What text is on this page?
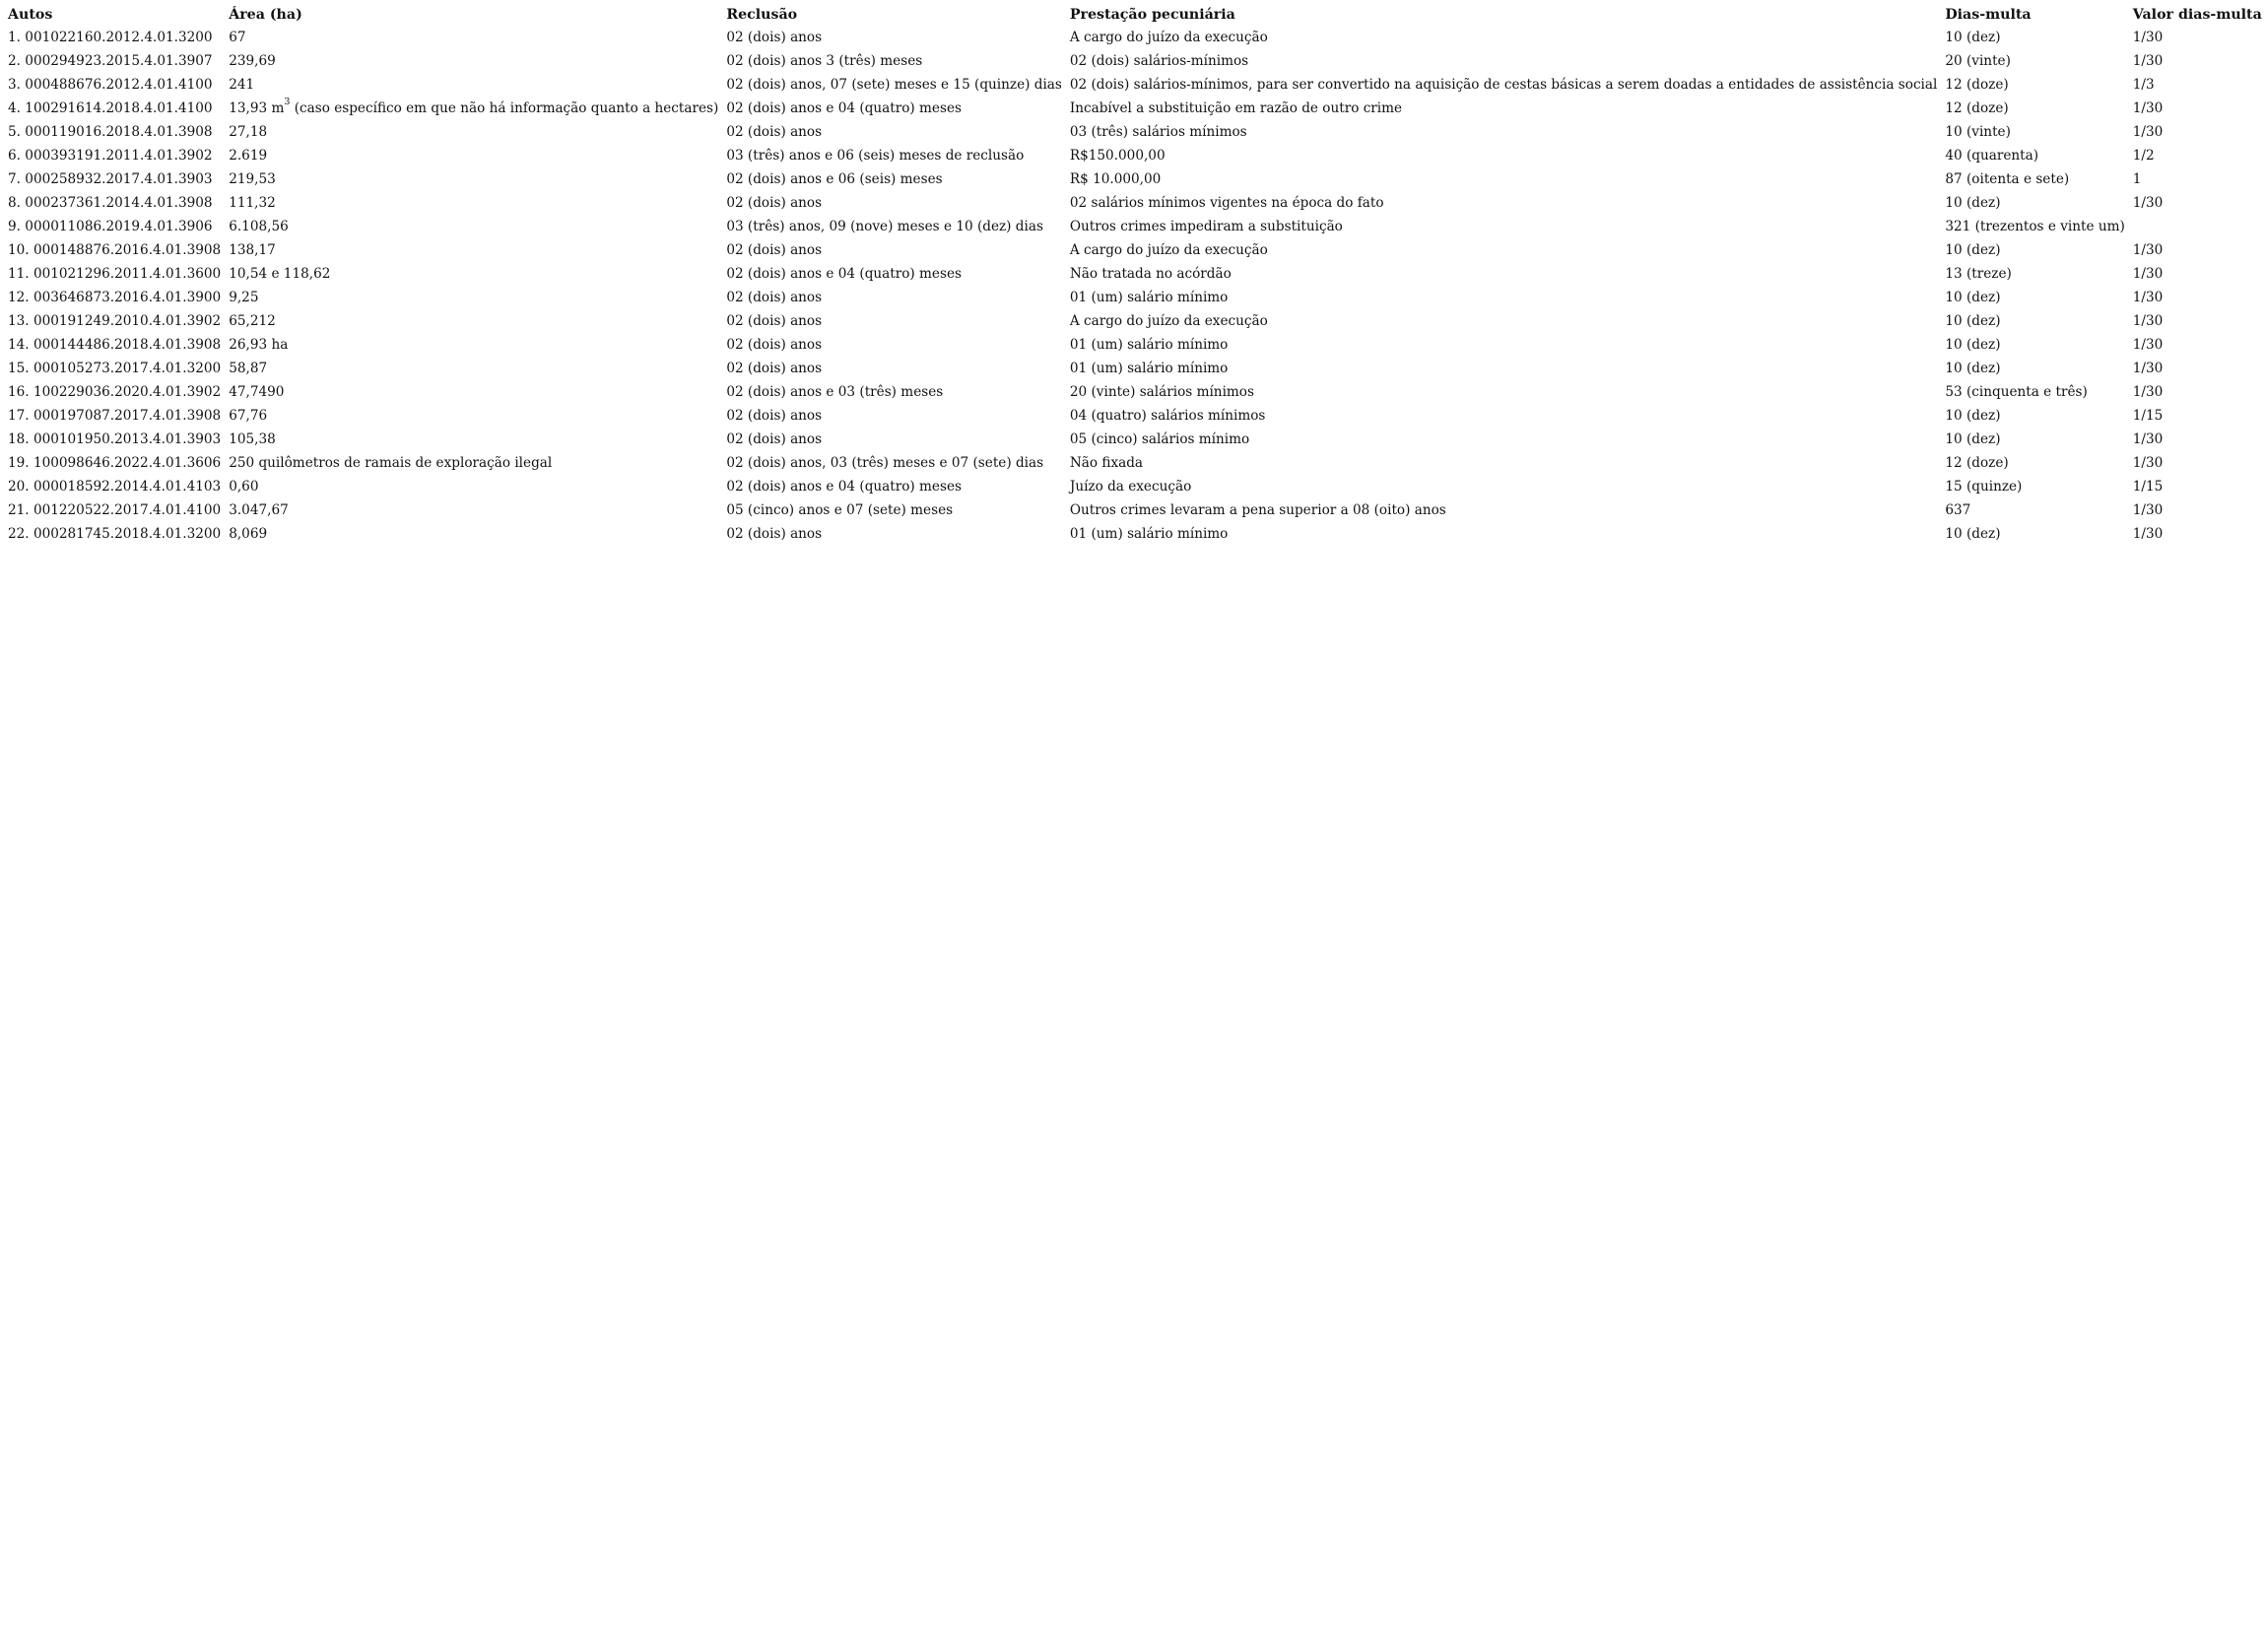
Autos	Área (ha)	Reclusão	Prestação pecuniária	Dias-multa	Valor dias-multa
1. 001022160.2012.4.01.3200	67	02 (dois) anos	A cargo do juízo da execução	10 (dez)	1/30
2. 000294923.2015.4.01.3907	239,69	02 (dois) anos 3 (três) meses	02 (dois) salários-mínimos	20 (vinte)	1/30
3. 000488676.2012.4.01.4100	241	02 (dois) anos, 07 (sete) meses e 15 (quinze) dias	02 (dois) salários-mínimos, para ser convertido na aquisição de cestas básicas a serem doadas a entidades de assistência social	12 (doze)	1/3
4. 100291614.2018.4.01.4100	13,93 $m^3$ (caso específico em que não há informação quanto a hectares)	02 (dois) anos e 04 (quatro) meses	Incabível a substituição em razão de outro crime	12 (doze)	1/30
5. 000119016.2018.4.01.3908	27,18	02 (dois) anos	03 (três) salários mínimos	10 (vinte)	1/30
6. 000393191.2011.4.01.3902	2.619	03 (três) anos e 06 (seis) meses de reclusão	R$150.000,00	40 (quarenta)	1/2
7. 000258932.2017.4.01.3903	219,53	02 (dois) anos e 06 (seis) meses	R$ 10.000,00	87 (oitenta e sete)	1
8. 000237361.2014.4.01.3908	111,32	02 (dois) anos	02 salários mínimos vigentes na época do fato	10 (dez)	1/30
9. 000011086.2019.4.01.3906	6.108,56	03 (três) anos, 09 (nove) meses e 10 (dez) dias	Outros crimes impediram a substituição	321 (trezentos e vinte um)	
10. 000148876.2016.4.01.3908	138,17	02 (dois) anos	A cargo do juízo da execução	10 (dez)	1/30
11. 001021296.2011.4.01.3600	10,54 e 118,62	02 (dois) anos e 04 (quatro) meses	Não tratada no acórdão	13 (treze)	1/30
12. 003646873.2016.4.01.3900	9,25	02 (dois) anos	01 (um) salário mínimo	10 (dez)	1/30
13. 000191249.2010.4.01.3902	65,212	02 (dois) anos	A cargo do juízo da execução	10 (dez)	1/30
14. 000144486.2018.4.01.3908	26,93 ha	02 (dois) anos	01 (um) salário mínimo	10 (dez)	1/30
15. 000105273.2017.4.01.3200	58,87	02 (dois) anos	01 (um) salário mínimo	10 (dez)	1/30
16. 100229036.2020.4.01.3902	47,7490	02 (dois) anos e 03 (três) meses	20 (vinte) salários mínimos	53 (cinquenta e três)	1/30
17. 000197087.2017.4.01.3908	67,76	02 (dois) anos	04 (quatro) salários mínimos	10 (dez)	1/15
18. 000101950.2013.4.01.3903	105,38	02 (dois) anos	05 (cinco) salários mínimo	10 (dez)	1/30
19. 100098646.2022.4.01.3606	250 quilômetros de ramais de exploração ilegal	02 (dois) anos, 03 (três) meses e 07 (sete) dias	Não fixada	12 (doze)	1/30
20. 000018592.2014.4.01.4103	0,60	02 (dois) anos e 04 (quatro) meses	Juízo da execução	15 (quinze)	1/15
21. 001220522.2017.4.01.4100	3.047,67	05 (cinco) anos e 07 (sete) meses	Outros crimes levaram a pena superior a 08 (oito) anos	637	1/30
22. 000281745.2018.4.01.3200	8,069	02 (dois) anos	01 (um) salário mínimo	10 (dez)	1/30
